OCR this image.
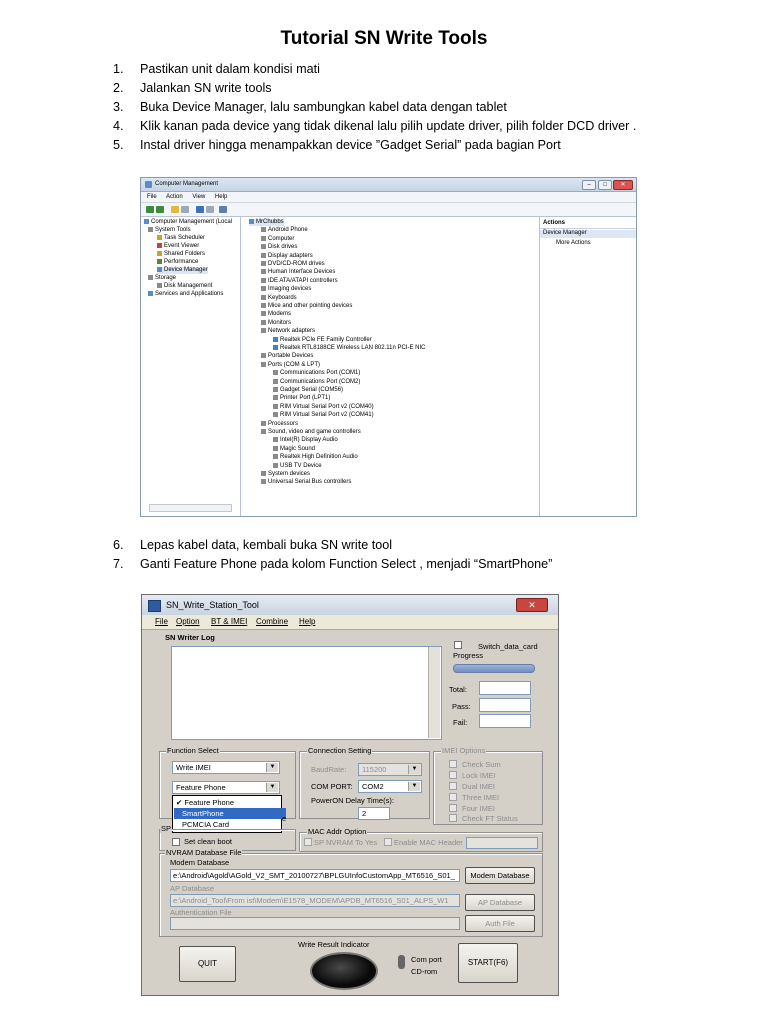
Tutorial SN Write Tools
1. Pastikan unit dalam kondisi mati
2. Jalankan SN write tools
3. Buka Device Manager, lalu sambungkan kabel data dengan tablet
4. Klik kanan pada device yang tidak dikenal lalu pilih update driver, pilih folder DCD driver .
5. Instal driver hingga menampakkan device ”Gadget Serial” pada bagian Port
Computer Management	–	□	✕
File Action View Help
Computer Management (Local
System Tools
Task Scheduler
Event Viewer
Shared Folders
Performance
Device Manager
Storage
Disk Management
Services and Applications
MrChubbs
Android Phone
Computer
Disk drives
Display adapters
DVD/CD-ROM drives
Human Interface Devices
IDE ATA/ATAPI controllers
Imaging devices
Keyboards
Mice and other pointing devices
Modems
Monitors
Network adapters
Realtek PCIe FE Family Controller
Realtek RTL8188CE Wireless LAN 802.11n PCI-E NIC
Portable Devices
Ports (COM & LPT)
Communications Port (COM1)
Communications Port (COM2)
Gadget Serial (COM56)
Printer Port (LPT1)
RIM Virtual Serial Port v2 (COM40)
RIM Virtual Serial Port v2 (COM41)
Processors
Sound, video and game controllers
Intel(R) Display Audio
Magic Sound
Realtek High Definition Audio
USB TV Device
System devices
Universal Serial Bus controllers
Actions
Device Manager
More Actions
6. Lepas kabel data, kembali buka SN write tool
7. Ganti Feature Phone pada kolom Function Select , menjadi “SmartPhone”
SN_Write_Station_Tool	✕
File Option BT & IMEI Combine Help
SN Writer Log
Switch_data_card
Progress
Total:
Pass:
Fail:
Function Select
Write IMEI	▼
Feature Phone	▼
✔ Feature Phone
SmartPhone
PCMCIA Card
e
SP
Set clean boot
Connection Setting
BaudRate: 115200	▼
COM PORT: COM2	▼
PowerON Delay Time(s):
2
IMEI Options
Check Sum
Lock IMEI
Dual IMEI
Three IMEI
Four IMEI
Check FT Status
MAC Addr Option
SP NVRAM To Yes Enable MAC Header
NVRAM Database File
Modem Database
e:\Android\Agold\AGold_V2_SMT_20100727\BPLGUInfoCustomApp_MT6516_S01_	Modem Database
AP Database
e:\Android_Tool\From ist\Modem\E1578_MODEM\APDB_MT6516_S01_ALPS_W1	AP Database
Authentication File
Auth File
Write Result Indicator
QUIT	Com port
CD-rom
START(F6)
